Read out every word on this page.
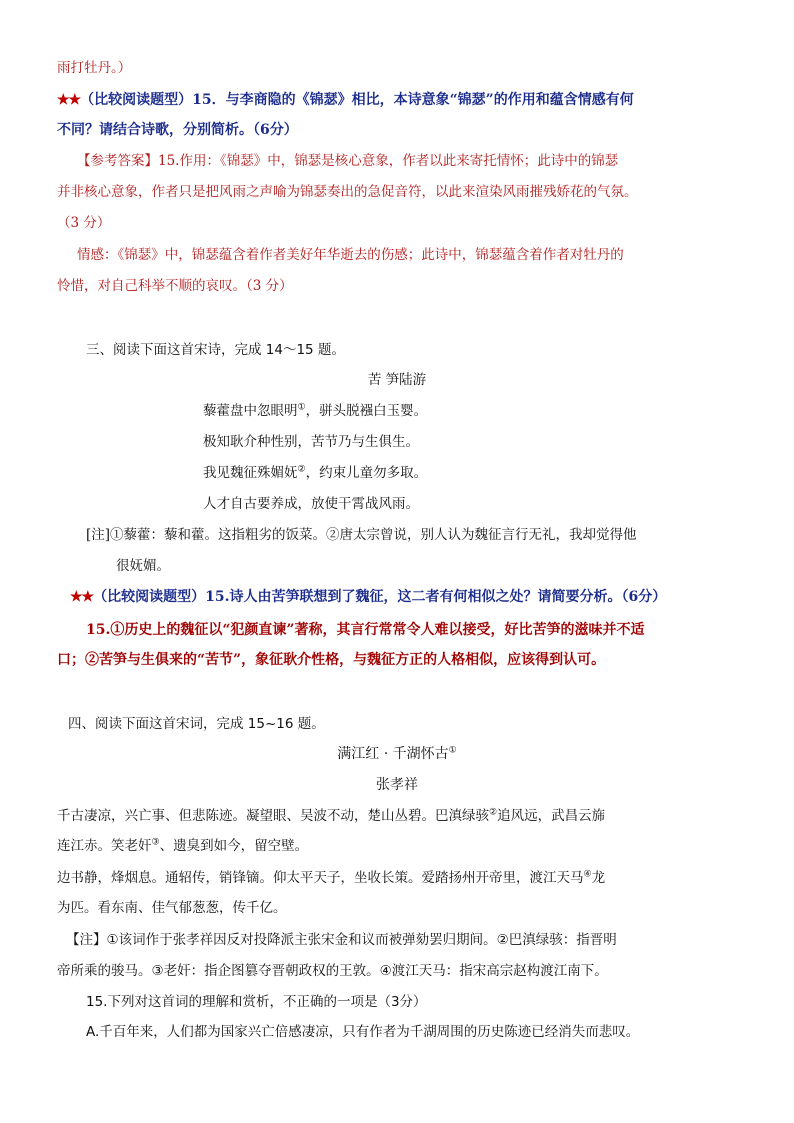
雨打牡丹。）
★★（比较阅读题型）15．与李商隐的《锦瑟》相比，本诗意象“锦瑟”的作用和蕴含情感有何
不同？请结合诗歌，分别简析。（6分）
【参考答案】15.作用：《锦瑟》中，锦瑟是核心意象，作者以此来寄托情怀；此诗中的锦瑟
并非核心意象，作者只是把风雨之声喻为锦瑟奏出的急促音符，以此来渲染风雨摧残娇花的气氛。
（3 分）
情感：《锦瑟》中，锦瑟蕴含着作者美好年华逝去的伤感；此诗中，锦瑟蕴含着作者对牡丹的
怜惜，对自己科举不顺的哀叹。（3 分）
三、阅读下面这首宋诗，完成 14～15 题。
苦 笋陆游
藜藿盘中忽眼明①，骈头脱襁白玉婴。
极知耿介种性别，苦节乃与生俱生。
我见魏征殊媚妩②，约束儿童勿多取。
人才自古要养成，放使干霄战风雨。
[注]①藜藿：藜和藿。这指粗劣的饭菜。②唐太宗曾说，别人认为魏征言行无礼，我却觉得他
很妩媚。
★★（比较阅读题型）15.诗人由苦笋联想到了魏征，这二者有何相似之处？请简要分析。（6分）
15.①历史上的魏征以“犯颜直谏”著称，其言行常常令人难以接受，好比苦笋的滋味并不适
口；②苦笋与生俱来的“苦节”，象征耿介性格，与魏征方正的人格相似，应该得到认可。
四、阅读下面这首宋词，完成 15~16 题。
满江红 · 千湖怀古①
张孝祥
千古凄凉，兴亡事、但悲陈迹。凝望眼、吴波不动，楚山丛碧。巴滇绿骇②追风远，武昌云旆
连江赤。笑老奸③、遗臭到如今，留空壁。
边书静，烽烟息。通轺传，销锋镝。仰太平天子，坐收长策。爱踏扬州开帝里，渡江天马④龙
为匹。看东南、佳气郁葱葱，传千亿。
【注】①该词作于张孝祥因反对投降派主张宋金和议而被弹劾罢归期间。②巴滇绿骇：指晋明
帝所乘的骏马。③老奸：指企图篡夺晋朝政权的王敦。④渡江天马：指宋高宗赵构渡江南下。
15.下列对这首词的理解和赏析，不正确的一项是（3分）
A.千百年来，人们都为国家兴亡倍感凄凉，只有作者为千湖周围的历史陈迹已经消失而悲叹。
